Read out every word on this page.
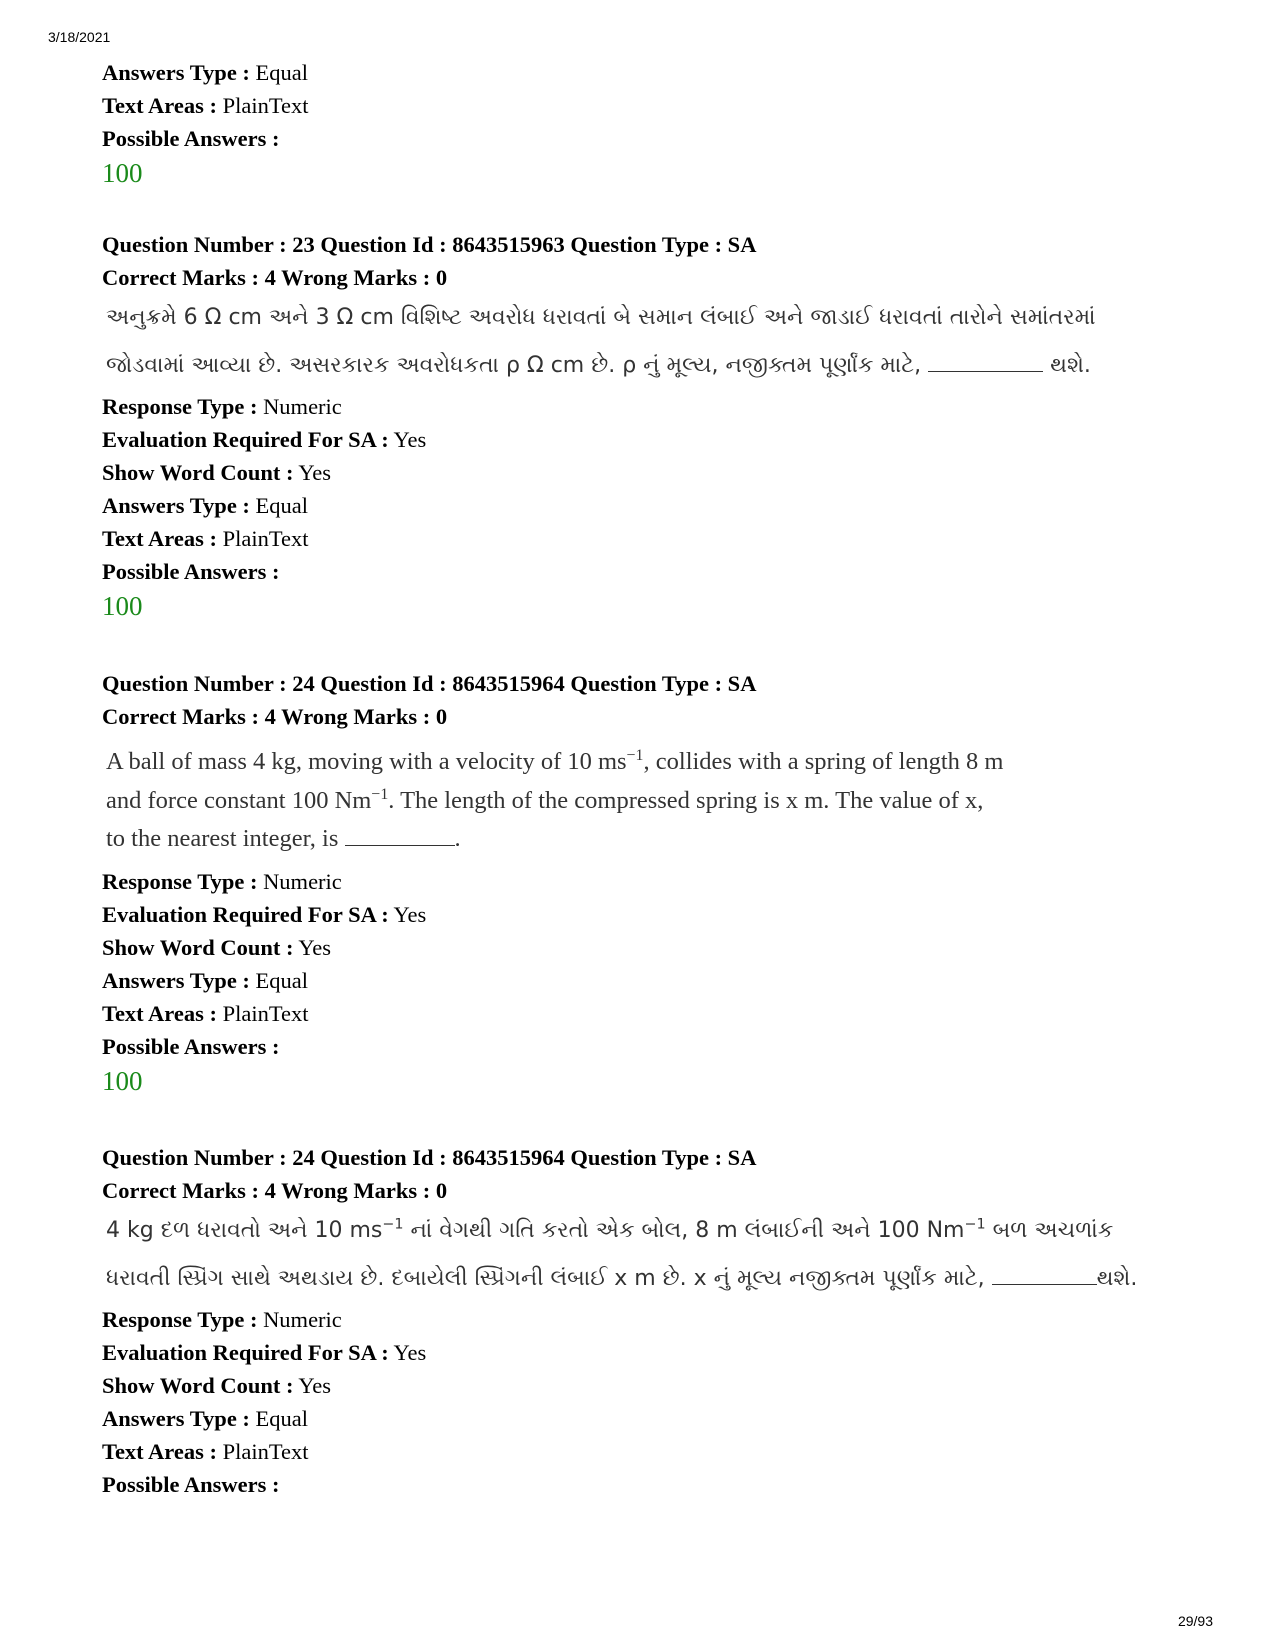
3/18/2021
Answers Type : Equal
Text Areas : PlainText
Possible Answers :
100
Question Number : 23 Question Id : 8643515963 Question Type : SA
Correct Marks : 4 Wrong Marks : 0
અનુક્રમે 6 Ω cm અને 3 Ω cm વિશિષ્ટ અવરોધ ધરાવતાં બે સમાન લંબાઈ અને જાડાઈ ધરાવતાં તારોને સમાંતરમાં
જોડવામાં આવ્યા છે. અસરકારક અવરોધકતા ρ Ω cm છે. ρ નું મૂલ્ય, નજીક્તમ પૂર્ણાંક માટે,	થશે.
Response Type : Numeric
Evaluation Required For SA : Yes
Show Word Count : Yes
Answers Type : Equal
Text Areas : PlainText
Possible Answers :
100
Question Number : 24 Question Id : 8643515964 Question Type : SA
Correct Marks : 4 Wrong Marks : 0
A ball of mass 4 kg, moving with a velocity of 10 $ms^{-1}$, collides with a spring of length 8 m
and force constant 100 $Nm^{-1}$. The length of the compressed spring is x m. The value of x,
to the nearest integer, is	.
Response Type : Numeric
Evaluation Required For SA : Yes
Show Word Count : Yes
Answers Type : Equal
Text Areas : PlainText
Possible Answers :
100
Question Number : 24 Question Id : 8643515964 Question Type : SA
Correct Marks : 4 Wrong Marks : 0
4 kg દળ ધરાવતો અને 10 $ms^{-1}$ નાં વેગથી ગતિ કરતો એક બોલ, 8 m લંબાઈની અને 100 $Nm^{-1}$ બળ અચળાંક
ધરાવતી સ્પ્રિંગ સાથે અથડાય છે. દબાયેલી સ્પ્રિંગની લંબાઈ x m છે. x નું મૂલ્ય નજીક્તમ પૂર્ણાંક માટે,	થશે.
Response Type : Numeric
Evaluation Required For SA : Yes
Show Word Count : Yes
Answers Type : Equal
Text Areas : PlainText
Possible Answers :
29/93
